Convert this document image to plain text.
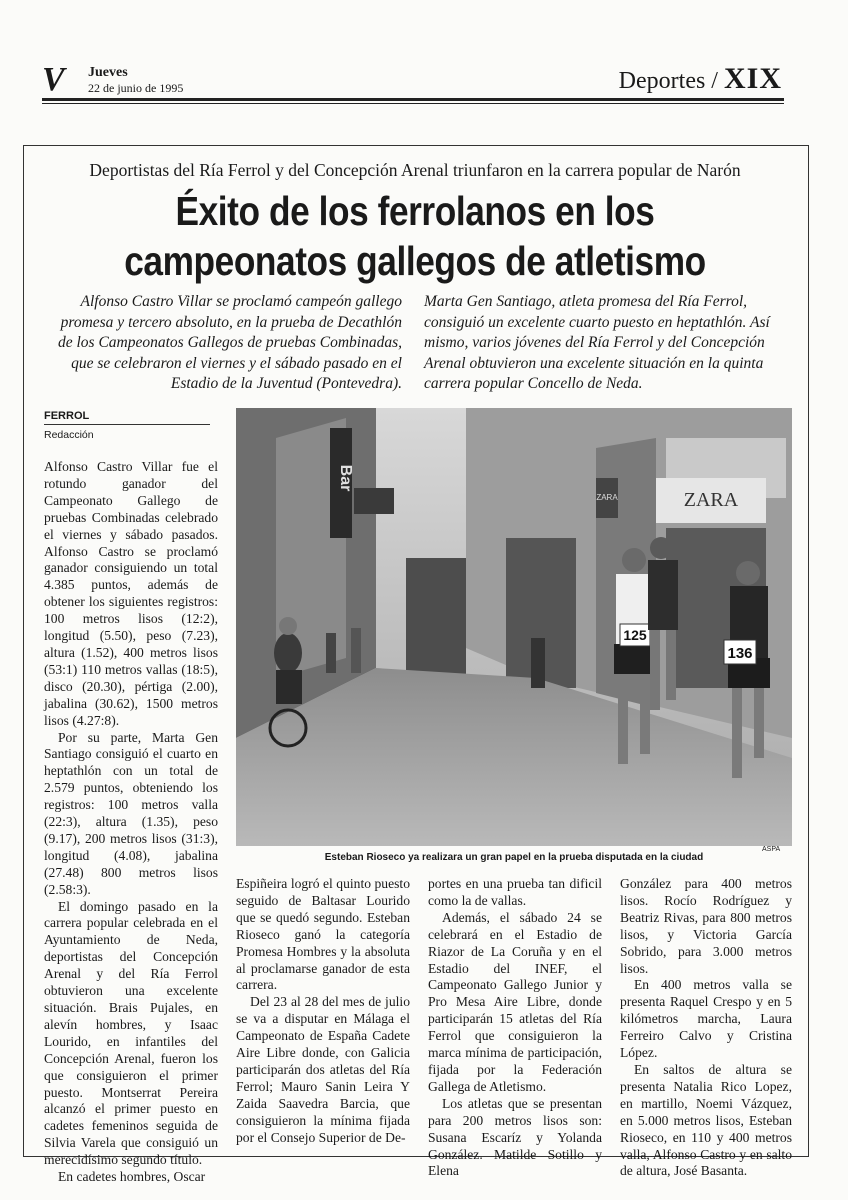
V	Jueves
22 de junio de 1995	Deportes / XIX
Deportistas del Ría Ferrol y del Concepción Arenal triunfaron en la carrera popular de Narón
Éxito de los ferrolanos en los
campeonatos gallegos de atletismo
Alfonso Castro Villar se proclamó campeón gallego promesa y tercero absoluto, en la prueba de Decathlón de los Campeonatos Gallegos de pruebas Combinadas, que se celebraron el viernes y el sábado pasado en el Estadio de la Juventud (Pontevedra).
Marta Gen Santiago, atleta promesa del Ría Ferrol, consiguió un excelente cuarto puesto en heptathlón. Así mismo, varios jóvenes del Ría Ferrol y del Concepción Arenal obtuvieron una excelente situación en la quinta carrera popular Concello de Neda.
FERROL
Redacción

Alfonso Castro Villar fue el rotundo ganador del Campeonato Gallego de pruebas Combinadas celebrado el viernes y sábado pasados. Alfonso Castro se proclamó ganador consiguiendo un total 4.385 puntos, además de obtener los siguientes registros: 100 metros lisos (12:2), longitud (5.50), peso (7.23), altura (1.52), 400 metros lisos (53:1) 110 metros vallas (18:5), disco (20.30), pértiga (2.00), jabalina (30.62), 1500 metros lisos (4.27:8).

Por su parte, Marta Gen Santiago consiguió el cuarto en heptathlón con un total de 2.579 puntos, obteniendo los registros: 100 metros valla (22:3), altura (1.35), peso (9.17), 200 metros lisos (31:3), longitud (4.08), jabalina (27.48) 800 metros lisos (2.58:3).

El domingo pasado en la carrera popular celebrada en el Ayuntamiento de Neda, deportistas del Concepción Arenal y del Ría Ferrol obtuvieron una excelente situación. Brais Pujales, en alevín hombres, y Isaac Lourido, en infantiles del Concepción Arenal, fueron los que consiguieron el primer puesto. Montserrat Pereira alcanzó el primer puesto en cadetes femeninos seguida de Silvia Varela que consiguió un merecidísimo segundo título.

En cadetes hombres, Oscar

Bar
ZARA	ZARA
125
136
ASPA
Esteban Rioseco ya realizara un gran papel en la prueba disputada en la ciudad

Espiñeira logró el quinto puesto seguido de Baltasar Lourido que se quedó segundo. Esteban Rioseco ganó la categoría Promesa Hombres y la absoluta al proclamarse ganador de esta carrera.

Del 23 al 28 del mes de julio se va a disputar en Málaga el Campeonato de España Cadete Aire Libre donde, con Galicia participarán dos atletas del Ría Ferrol; Mauro Sanin Leira Y Zaida Saavedra Barcia, que consiguieron la mínima fijada por el Consejo Superior de De-

portes en una prueba tan dificil como la de vallas.

Además, el sábado 24 se celebrará en el Estadio de Riazor de La Coruña y en el Estadio del INEF, el Campeonato Gallego Junior y Pro Mesa Aire Libre, donde participarán 15 atletas del Ría Ferrol que consiguieron la marca mínima de participación, fijada por la Federación Gallega de Atletismo.

Los atletas que se presentan para 200 metros lisos son: Susana Escaríz y Yolanda González. Matilde Sotillo y Elena

González para 400 metros lisos. Rocío Rodríguez y Beatriz Rivas, para 800 metros lisos, y Victoria García Sobrido, para 3.000 metros lisos.

En 400 metros valla se presenta Raquel Crespo y en 5 kilómetros marcha, Laura Ferreiro Calvo y Cristina López.

En saltos de altura se presenta Natalia Rico Lopez, en martillo, Noemi Vázquez, en 5.000 metros lisos, Esteban Rioseco, en 110 y 400 metros valla, Alfonso Castro y en salto de altura, José Basanta.
